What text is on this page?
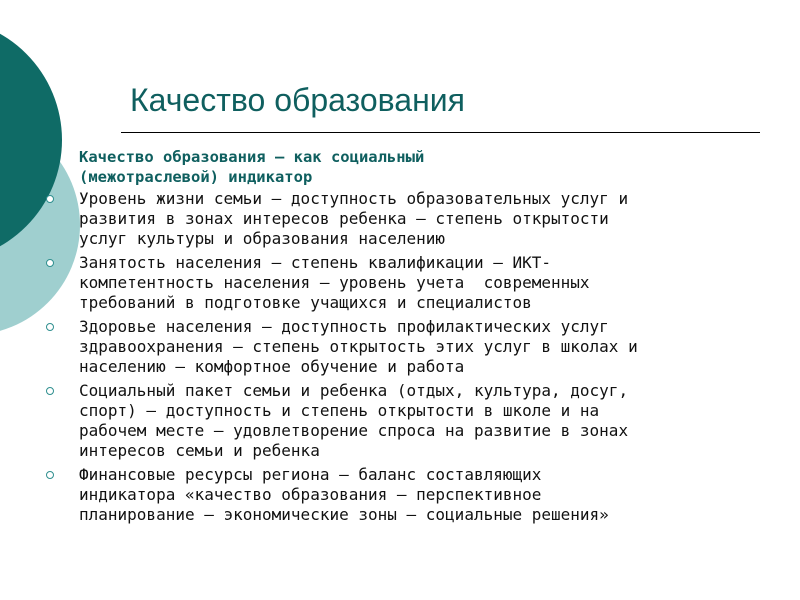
Качество образования

Качество образования – как социальный
(межотраслевой) индикатор

Уровень жизни семьи – доступность образовательных услуг и
развития в зонах интересов ребенка – степень открытости
услуг культуры и образования населению
Занятость населения – степень квалификации – ИКТ-
компетентность населения – уровень учета  современных
требований в подготовке учащихся и специалистов
Здоровье населения – доступность профилактических услуг
здравоохранения – степень открытость этих услуг в школах и
населению – комфортное обучение и работа
Социальный пакет семьи и ребенка (отдых, культура, досуг,
спорт) – доступность и степень открытости в школе и на
рабочем месте – удовлетворение спроса на развитие в зонах
интересов семьи и ребенка
Финансовые ресурсы региона – баланс составляющих
индикатора «качество образования – перспективное
планирование – экономические зоны – социальные решения»
